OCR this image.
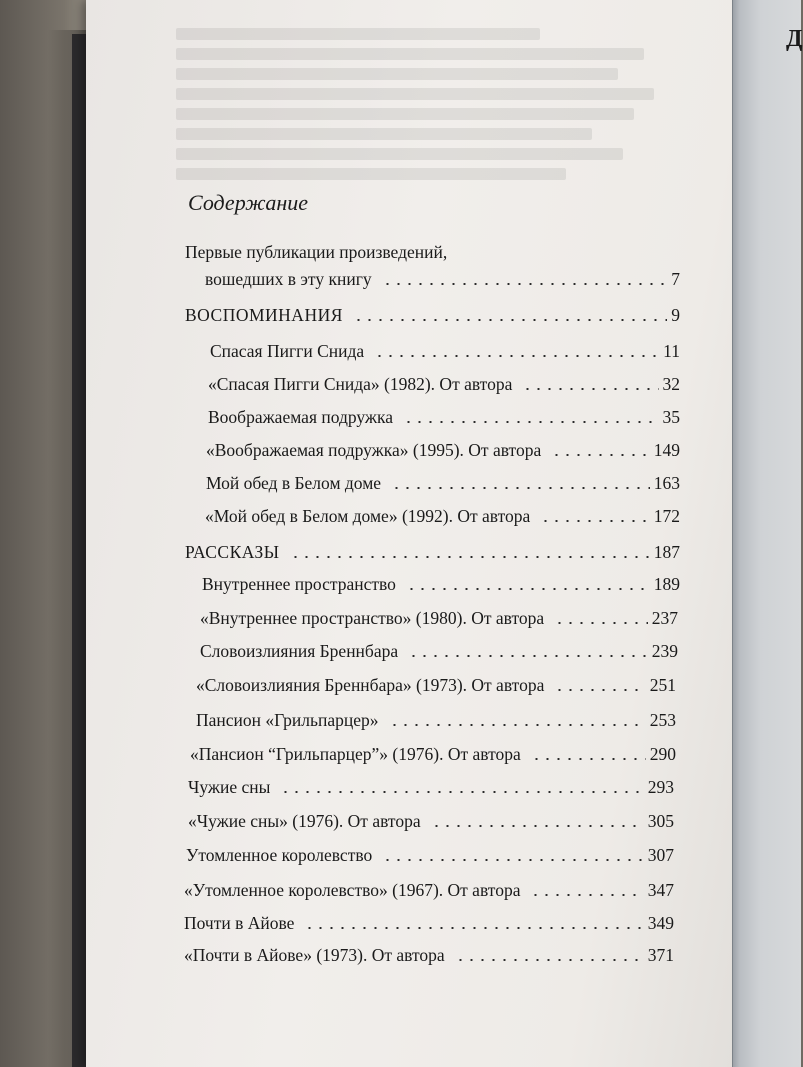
Д
Содержание
Первые публикации произведений,
вошедших в эту книгу	7
ВОСПОМИНАНИЯ	9
Спасая Пигги Снида	11
«Спасая Пигги Снида» (1982). От автора	32
Воображаемая подружка	35
«Воображаемая подружка» (1995). От автора	149
Мой обед в Белом доме	163
«Мой обед в Белом доме» (1992). От автора	172
РАССКАЗЫ	187
Внутреннее пространство	189
«Внутреннее пространство» (1980). От автора	237
Словоизлияния Бреннбара	239
«Словоизлияния Бреннбара» (1973). От автора	251
Пансион «Грильпарцер»	253
«Пансион “Грильпарцер”» (1976). От автора	290
Чужие сны	293
«Чужие сны» (1976). От автора	305
Утомленное королевство	307
«Утомленное королевство» (1967). От автора	347
Почти в Айове	349
«Почти в Айове» (1973). От автора	371
